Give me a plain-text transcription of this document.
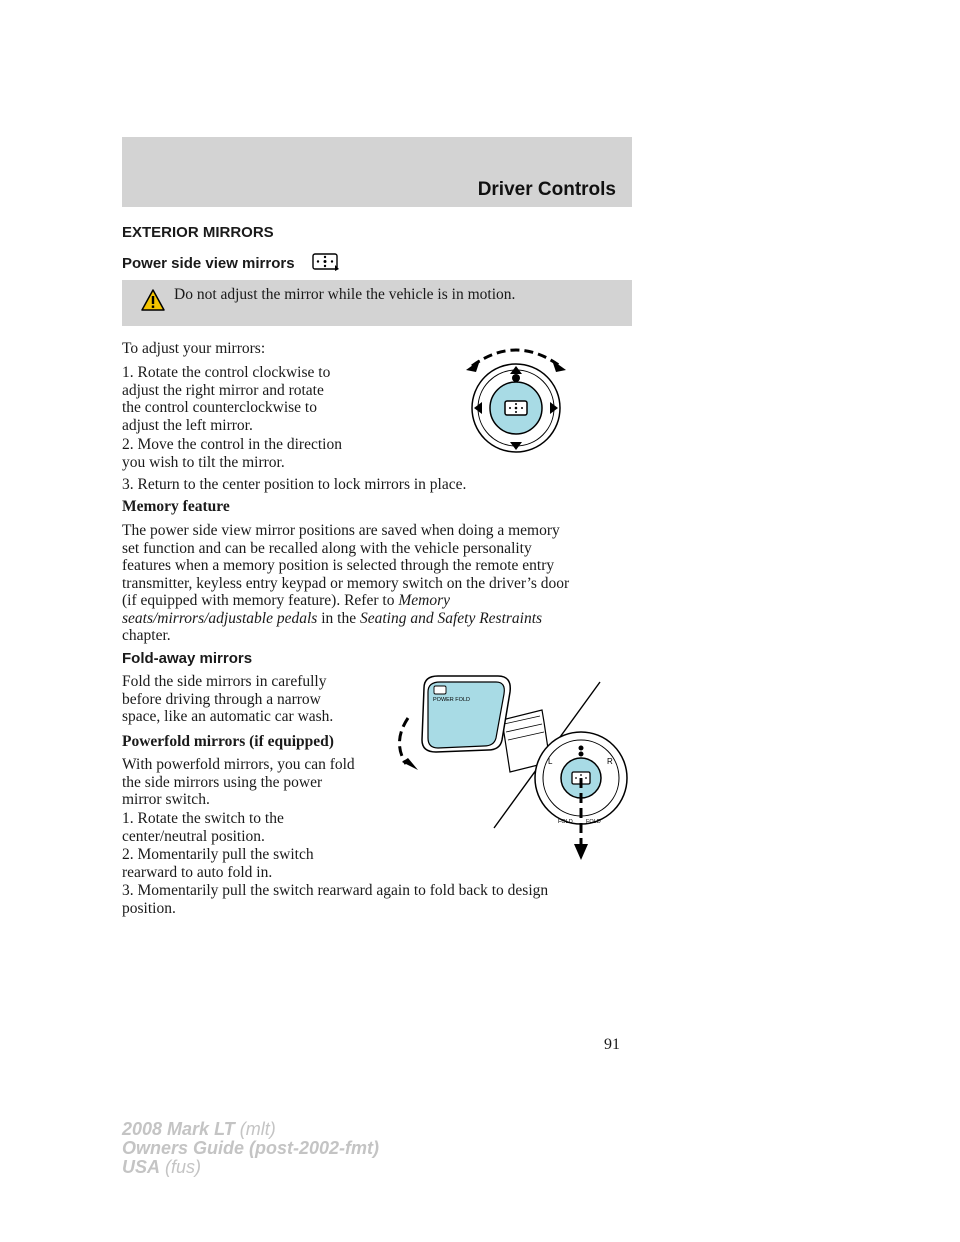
Driver Controls
EXTERIOR MIRRORS
Power side view mirrors
Do not adjust the mirror while the vehicle is in motion.

To adjust your mirrors:

1. Rotate the control clockwise to
adjust the right mirror and rotate
the control counterclockwise to
adjust the left mirror.
2. Move the control in the direction
you wish to tilt the mirror.

3. Return to the center position to lock mirrors in place.

Memory feature
The power side view mirror positions are saved when doing a memory
set function and can be recalled along with the vehicle personality
features when a memory position is selected through the remote entry
transmitter, keyless entry keypad or memory switch on the driver’s door
(if equipped with memory feature). Refer to Memory
seats/mirrors/adjustable pedals in the Seating and Safety Restraints
chapter.
Fold-away mirrors
Fold the side mirrors in carefully
before driving through a narrow
space, like an automatic car wash.
Powerfold mirrors (if equipped)
With powerfold mirrors, you can fold
the side mirrors using the power
mirror switch.
1. Rotate the switch to the
center/neutral position.
2. Momentarily pull the switch
rearward to auto fold in.
3. Momentarily pull the switch rearward again to fold back to design
position.
POWER FOLD
L	R
FOLD FOLD
91
2008 Mark LT (mlt)
Owners Guide (post-2002-fmt)
USA (fus)
